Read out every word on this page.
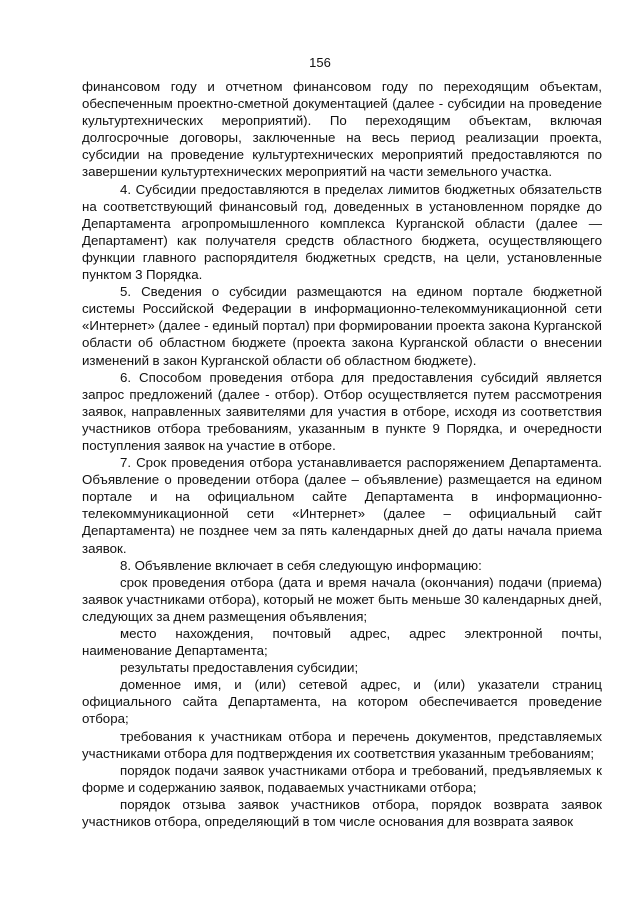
156

финансовом году и отчетном финансовом году по переходящим объектам, обеспеченным проектно-сметной документацией (далее - субсидии на проведение культуртехнических мероприятий). По переходящим объектам, включая долгосрочные договоры, заключенные на весь период реализации проекта, субсидии на проведение культуртехнических мероприятий предоставляются по завершении культуртехнических мероприятий на части земельного участка.

4. Субсидии предоставляются в пределах лимитов бюджетных обязательств на соответствующий финансовый год, доведенных в установленном порядке до Департамента агропромышленного комплекса Курганской области (далее — Департамент) как получателя средств областного бюджета, осуществляющего функции главного распорядителя бюджетных средств, на цели, установленные пунктом 3 Порядка.

5. Сведения о субсидии размещаются на едином портале бюджетной системы Российской Федерации в информационно-телекоммуникационной сети «Интернет» (далее - единый портал) при формировании проекта закона Курганской области об областном бюджете (проекта закона Курганской области о внесении изменений в закон Курганской области об областном бюджете).

6. Способом проведения отбора для предоставления субсидий является запрос предложений (далее - отбор). Отбор осуществляется путем рассмотрения заявок, направленных заявителями для участия в отборе, исходя из соответствия участников отбора требованиям, указанным в пункте 9 Порядка, и очередности поступления заявок на участие в отборе.

7. Срок проведения отбора устанавливается распоряжением Департамента. Объявление о проведении отбора (далее – объявление) размещается на едином портале и на официальном сайте Департамента в информационно-телекоммуникационной сети «Интернет» (далее – официальный сайт Департамента) не позднее чем за пять календарных дней до даты начала приема заявок.

8. Объявление включает в себя следующую информацию:

срок проведения отбора (дата и время начала (окончания) подачи (приема) заявок участниками отбора), который не может быть меньше 30 календарных дней, следующих за днем размещения объявления;

место нахождения, почтовый адрес, адрес электронной почты, наименование Департамента;

результаты предоставления субсидии;

доменное имя, и (или) сетевой адрес, и (или) указатели страниц официального сайта Департамента, на котором обеспечивается проведение отбора;

требования к участникам отбора и перечень документов, представляемых участниками отбора для подтверждения их соответствия указанным требованиям;

порядок подачи заявок участниками отбора и требований, предъявляемых к форме и содержанию заявок, подаваемых участниками отбора;

порядок отзыва заявок участников отбора, порядок возврата заявок участников отбора, определяющий в том числе основания для возврата заявок
